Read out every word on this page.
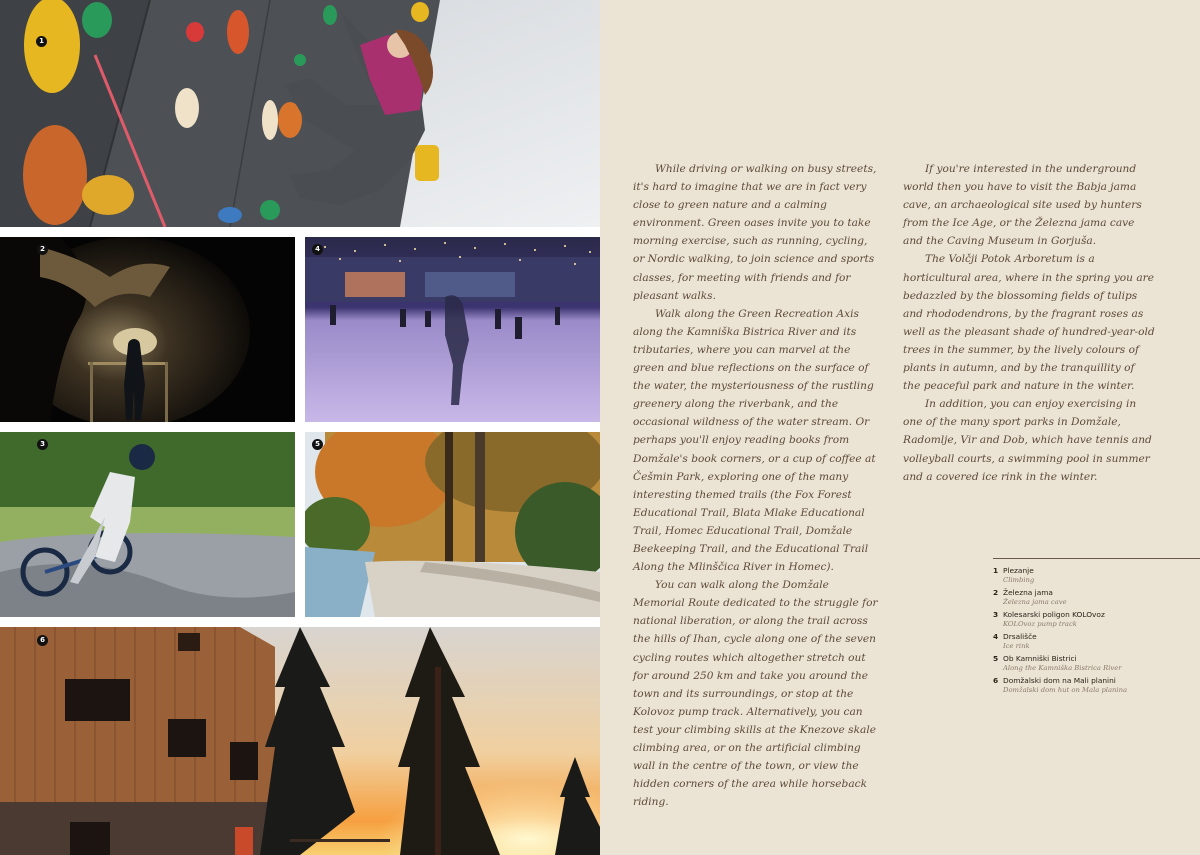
1
2	4
3	5
6

While driving or walking on busy streets, it's hard to imagine that we are in fact very close to green nature and a calming environment. Green oases invite you to take morning exercise, such as running, cycling, or Nordic walking, to join science and sports classes, for meeting with friends and for pleasant walks.

Walk along the Green Recreation Axis along the Kamniška Bistrica River and its tributaries, where you can marvel at the green and blue reflections on the surface of the water, the mysteriousness of the rustling greenery along the riverbank, and the occasional wildness of the water stream. Or perhaps you'll enjoy reading books from Domžale's book corners, or a cup of coffee at Češmin Park, exploring one of the many interesting themed trails (the Fox Forest Educational Trail, Blata Mlake Educational Trail, Homec Educational Trail, Domžale Beekeeping Trail, and the Educational Trail Along the Mlinščica River in Homec).

You can walk along the Domžale Memorial Route dedicated to the struggle for national liberation, or along the trail across the hills of Ihan, cycle along one of the seven cycling routes which altogether stretch out for around 250 km and take you around the town and its surroundings, or stop at the Kolovoz pump track. Alternatively, you can test your climbing skills at the Knezove skale climbing area, or on the artificial climbing wall in the centre of the town, or view the hidden corners of the area while horseback riding.

If you're interested in the underground world then you have to visit the Babja jama cave, an archaeological site used by hunters from the Ice Age, or the Železna jama cave and the Caving Museum in Gorjuša.

The Volčji Potok Arboretum is a horticultural area, where in the spring you are bedazzled by the blossoming fields of tulips and rhododendrons, by the fragrant roses as well as the pleasant shade of hundred-year-old trees in the summer, by the lively colours of plants in autumn, and by the tranquillity of the peaceful park and nature in the winter.

In addition, you can enjoy exercising in one of the many sport parks in Domžale, Radomlje, Vir and Dob, which have tennis and volleyball courts, a swimming pool in summer and a covered ice rink in the winter.

1 Plezanje
Climbing
2 Železna jama
Železna jama cave
3 Kolesarski poligon KOLOvoz
KOLOvoz pump track
4 Drsališče
Ice rink
5 Ob Kamniški Bistrici
Along the Kamniška Bistrica River
6 Domžalski dom na Mali planini
Domžalski dom hut on Mala planina
